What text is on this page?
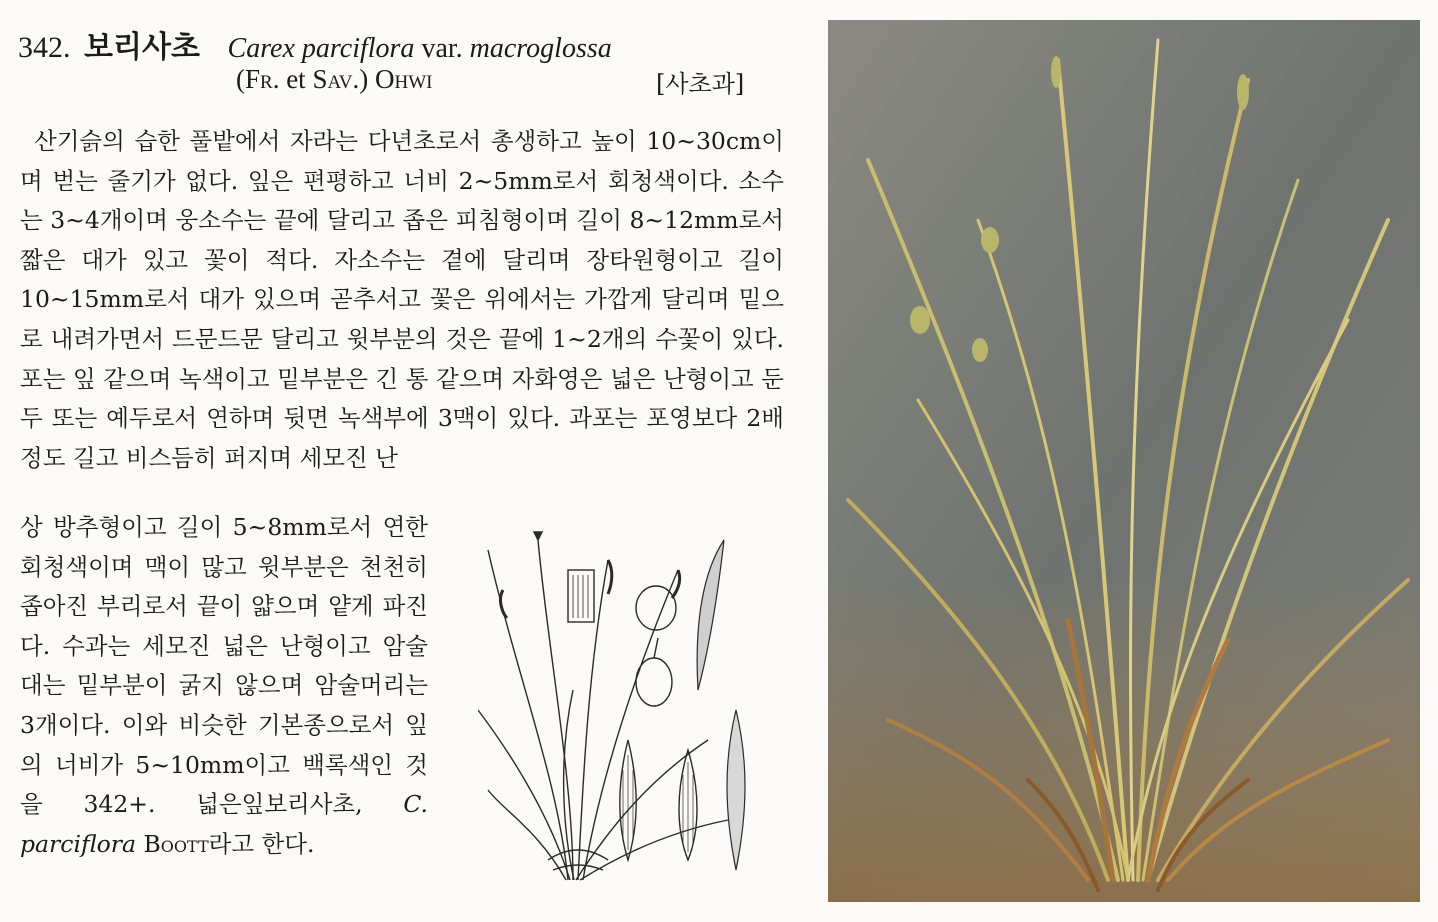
342. 보리사초 Carex parciflora var. macroglossa
(Fr. et Sav.) Ohwi	[사초과]

산기슭의 습한 풀밭에서 자라는 다년초로서 총생하고 높이 10~30cm이며 벋는 줄기가 없다. 잎은 편평하고 너비 2~5mm로서 회청색이다. 소수는 3~4개이며 웅소수는 끝에 달리고 좁은 피침형이며 길이 8~12mm로서 짧은 대가 있고 꽃이 적다. 자소수는 곁에 달리며 장타원형이고 길이 10~15mm로서 대가 있으며 곧추서고 꽃은 위에서는 가깝게 달리며 밑으로 내려가면서 드문드문 달리고 윗부분의 것은 끝에 1~2개의 수꽃이 있다. 포는 잎 같으며 녹색이고 밑부분은 긴 통 같으며 자화영은 넓은 난형이고 둔두 또는 예두로서 연하며 뒷면 녹색부에 3맥이 있다. 과포는 포영보다 2배 정도 길고 비스듬히 퍼지며 세모진 난

상 방추형이고 길이 5~8mm로서 연한 회청색이며 맥이 많고 윗부분은 천천히 좁아진 부리로서 끝이 얇으며 얕게 파진다. 수과는 세모진 넓은 난형이고 암술대는 밑부분이 굵지 않으며 암술머리는 3개이다. 이와 비슷한 기본종으로서 잎의 너비가 5~10mm이고 백록색인 것을 342+. 넓은잎보리사초, C. parciflora Boott라고 한다.
